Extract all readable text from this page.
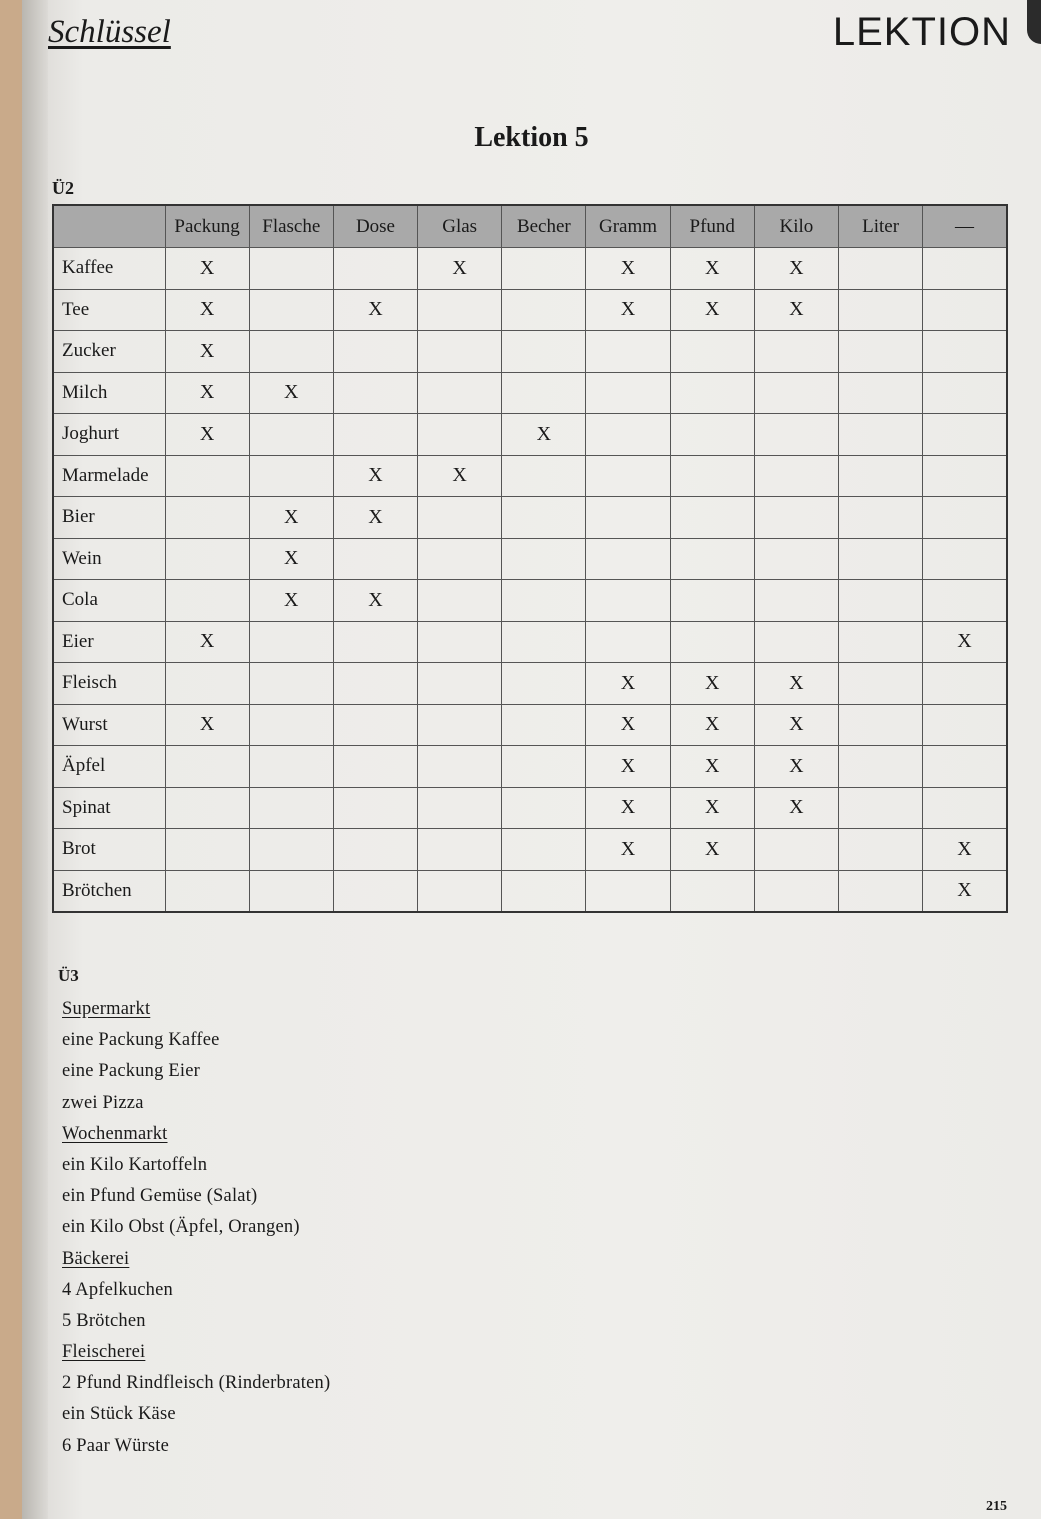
Schlüssel	LEKTION
Lektion 5
Ü2
	Packung	Flasche	Dose	Glas	Becher	Gramm	Pfund	Kilo	Liter	—
Kaffee	X			X		X	X	X		
Tee	X		X			X	X	X		
Zucker	X									
Milch	X	X								
Joghurt	X				X					
Marmelade			X	X						
Bier		X	X							
Wein		X								
Cola		X	X							
Eier	X									X
Fleisch						X	X	X		
Wurst	X					X	X	X		
Äpfel						X	X	X		
Spinat						X	X	X		
Brot						X	X			X
Brötchen										X
Ü3
Supermarkt
eine Packung Kaffee
eine Packung Eier
zwei Pizza
Wochenmarkt
ein Kilo Kartoffeln
ein Pfund Gemüse (Salat)
ein Kilo Obst (Äpfel, Orangen)
Bäckerei
4 Apfelkuchen
5 Brötchen
Fleischerei
2 Pfund Rindfleisch (Rinderbraten)
ein Stück Käse
6 Paar Würste
215
